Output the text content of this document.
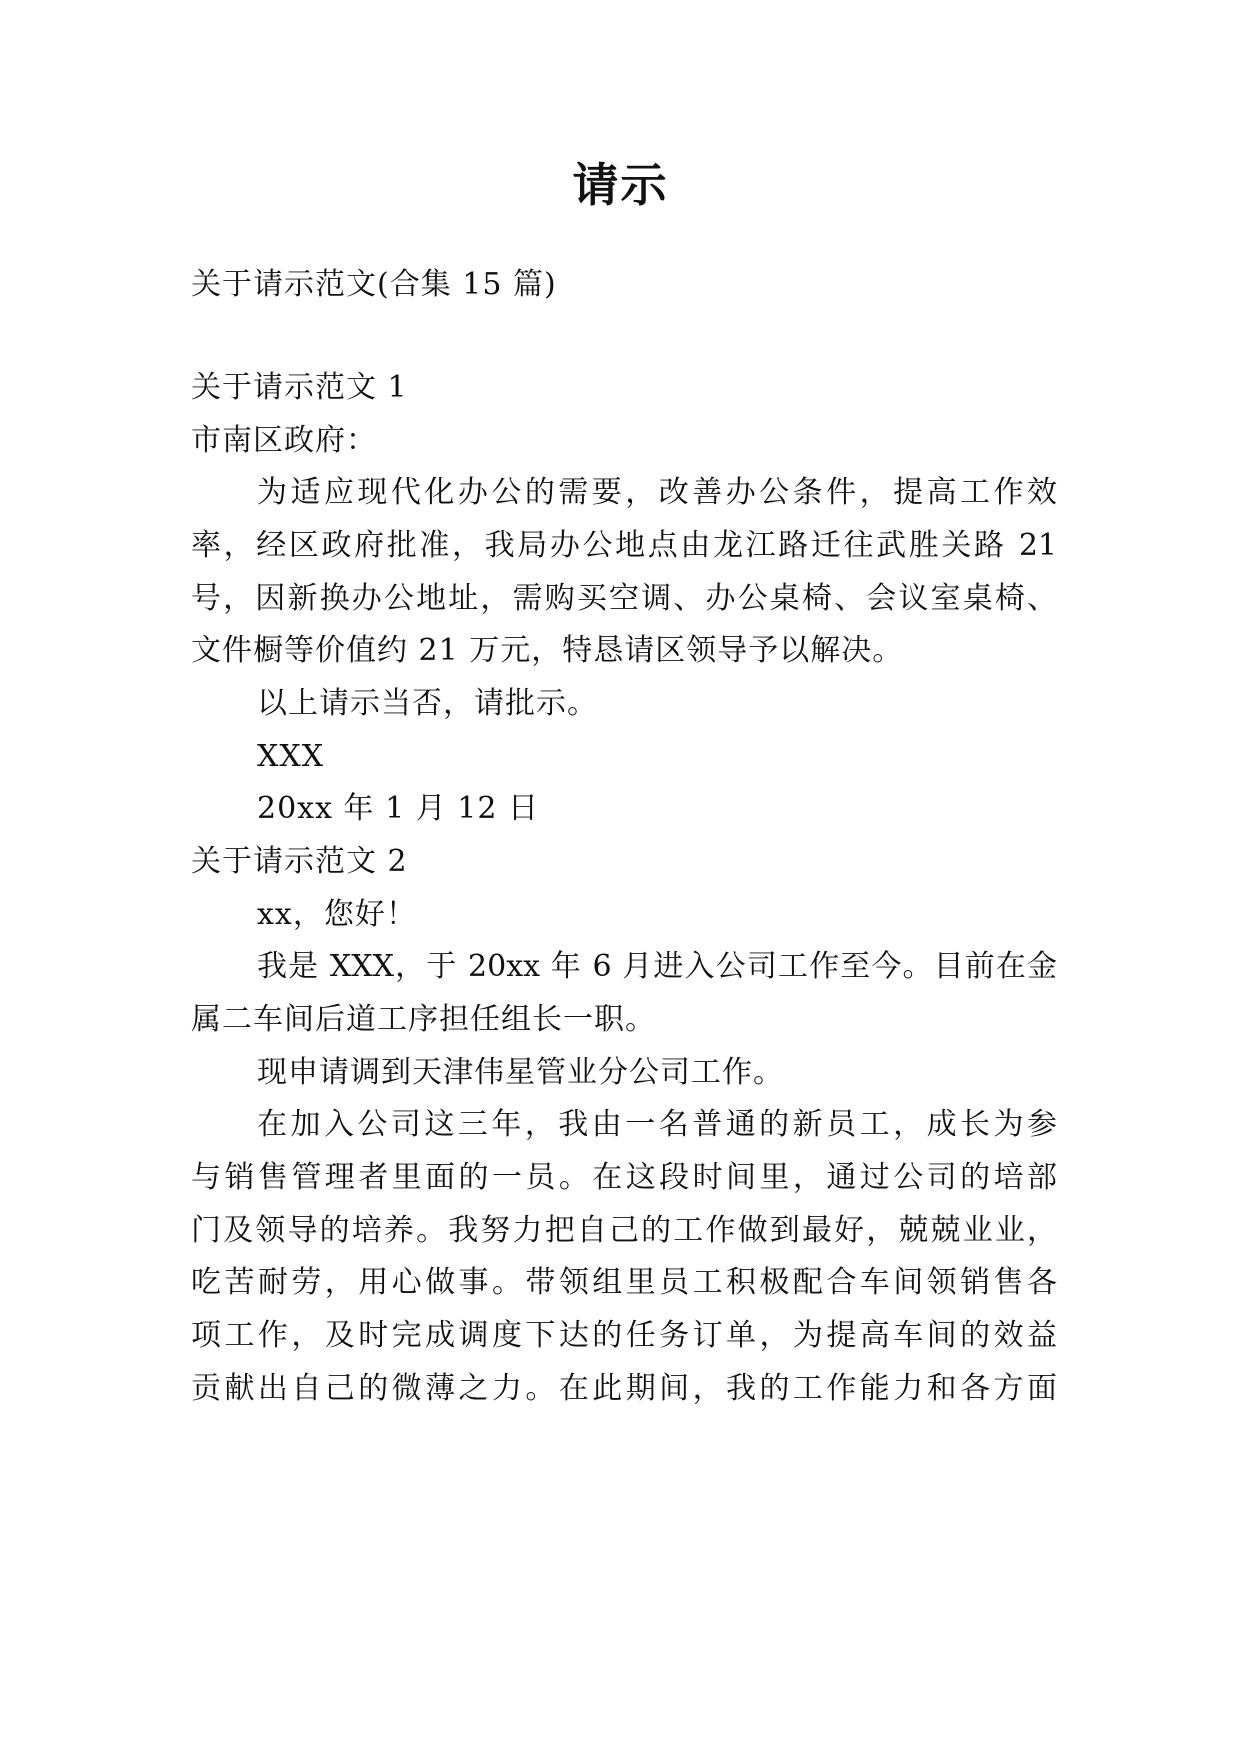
请示
关于请示范文(合集 15 篇)
关于请示范文 1
市南区政府：
为适应现代化办公的需要，改善办公条件，提高工作效
率，经区政府批准，我局办公地点由龙江路迁往武胜关路 21
号，因新换办公地址，需购买空调、办公桌椅、会议室桌椅、
文件橱等价值约 21 万元，特恳请区领导予以解决。
以上请示当否，请批示。
XXX
20xx 年 1 月 12 日
关于请示范文 2
xx，您好！
我是 XXX，于 20xx 年 6 月进入公司工作至今。目前在金
属二车间后道工序担任组长一职。
现申请调到天津伟星管业分公司工作。
在加入公司这三年，我由一名普通的新员工，成长为参
与销售管理者里面的一员。在这段时间里，通过公司的培部
门及领导的培养。我努力把自己的工作做到最好，兢兢业业，
吃苦耐劳，用心做事。带领组里员工积极配合车间领销售各
项工作，及时完成调度下达的任务订单，为提高车间的效益
贡献出自己的微薄之力。在此期间，我的工作能力和各方面
